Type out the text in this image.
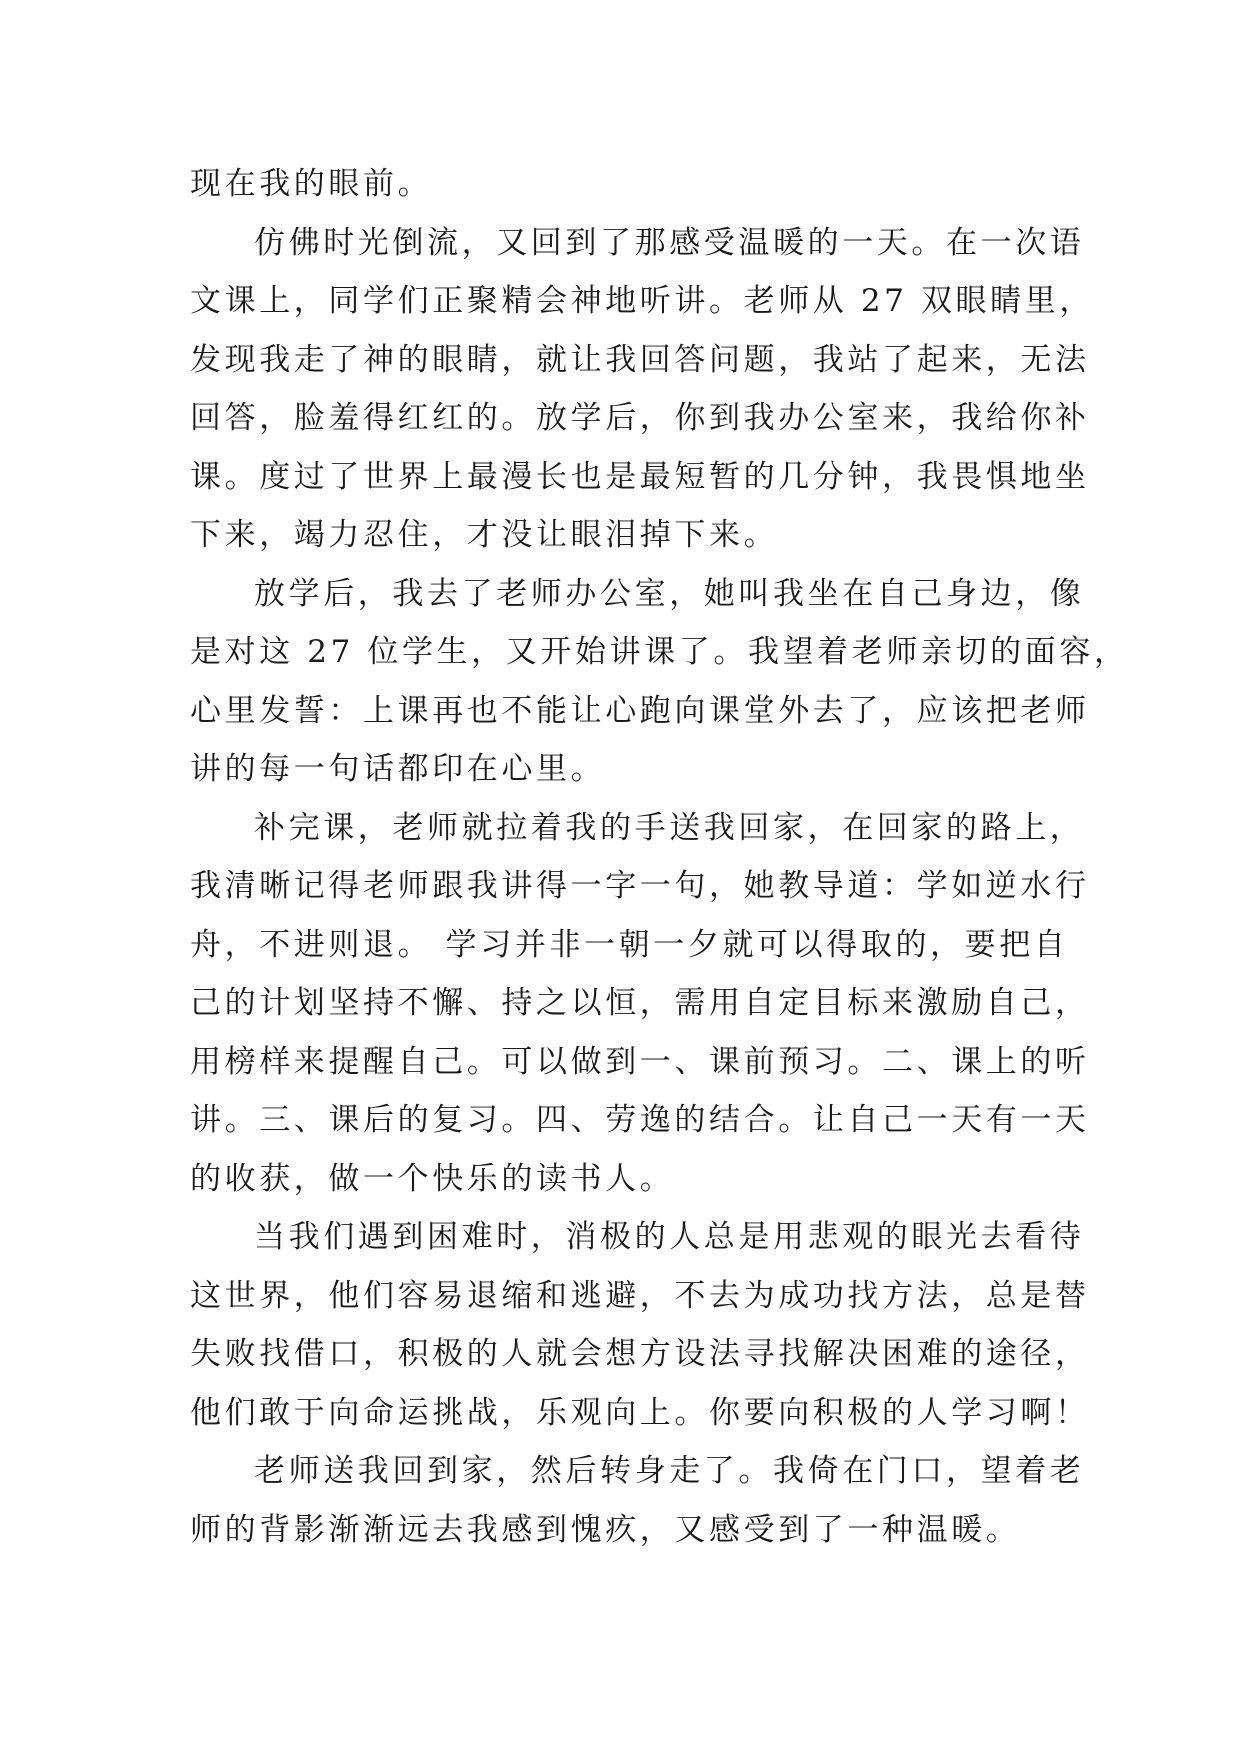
现在我的眼前。
仿佛时光倒流，又回到了那感受温暖的一天。在一次语
文课上，同学们正聚精会神地听讲。老师从 27 双眼睛里，
发现我走了神的眼睛，就让我回答问题，我站了起来，无法
回答，脸羞得红红的。放学后，你到我办公室来，我给你补
课。度过了世界上最漫长也是最短暂的几分钟，我畏惧地坐
下来，竭力忍住，才没让眼泪掉下来。
放学后，我去了老师办公室，她叫我坐在自己身边，像
是对这 27 位学生，又开始讲课了。我望着老师亲切的面容，
心里发誓：上课再也不能让心跑向课堂外去了，应该把老师
讲的每一句话都印在心里。
补完课，老师就拉着我的手送我回家，在回家的路上，
我清晰记得老师跟我讲得一字一句，她教导道：学如逆水行
舟，不进则退。 学习并非一朝一夕就可以得取的，要把自
己的计划坚持不懈、持之以恒，需用自定目标来激励自己，
用榜样来提醒自己。可以做到一、课前预习。二、课上的听
讲。三、课后的复习。四、劳逸的结合。让自己一天有一天
的收获，做一个快乐的读书人。
当我们遇到困难时，消极的人总是用悲观的眼光去看待
这世界，他们容易退缩和逃避，不去为成功找方法，总是替
失败找借口，积极的人就会想方设法寻找解决困难的途径，
他们敢于向命运挑战，乐观向上。你要向积极的人学习啊！
老师送我回到家，然后转身走了。我倚在门口，望着老
师的背影渐渐远去我感到愧疚，又感受到了一种温暖。
